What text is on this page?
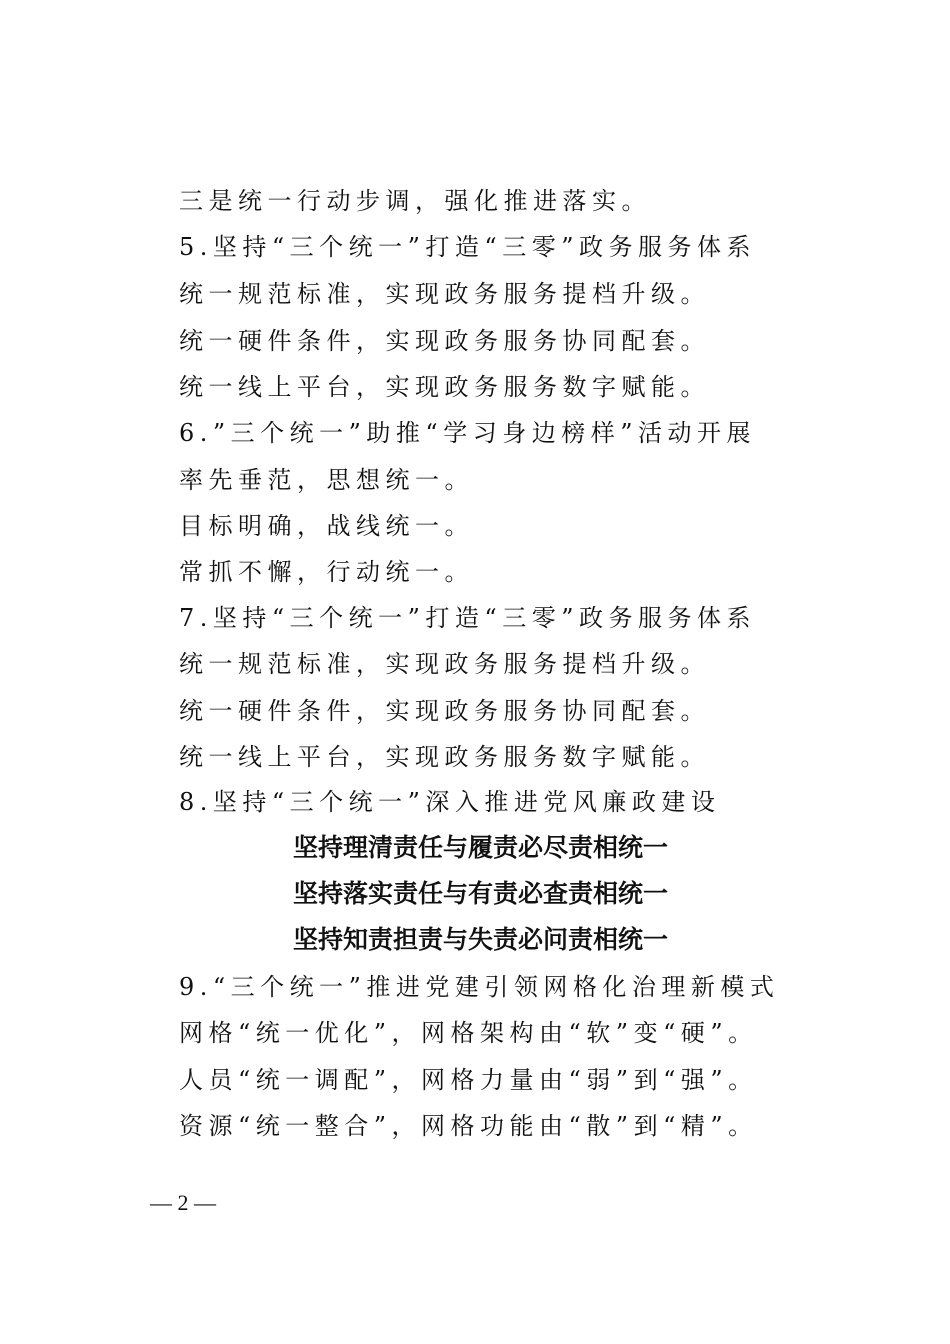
三是统一行动步调，强化推进落实。
5.坚持“三个统一”打造“三零”政务服务体系
统一规范标准，实现政务服务提档升级。
统一硬件条件，实现政务服务协同配套。
统一线上平台，实现政务服务数字赋能。
6.”三个统一”助推“学习身边榜样”活动开展
率先垂范，思想统一。
目标明确，战线统一。
常抓不懈，行动统一。
7.坚持“三个统一”打造“三零”政务服务体系
统一规范标准，实现政务服务提档升级。
统一硬件条件，实现政务服务协同配套。
统一线上平台，实现政务服务数字赋能。
8.坚持“三个统一”深入推进党风廉政建设
坚持理清责任与履责必尽责相统一
坚持落实责任与有责必查责相统一
坚持知责担责与失责必问责相统一
9.“三个统一”推进党建引领网格化治理新模式
网格“统一优化”，网格架构由“软”变“硬”。
人员“统一调配”，网格力量由“弱”到“强”。
资源“统一整合”，网格功能由“散”到“精”。
— 2 —
